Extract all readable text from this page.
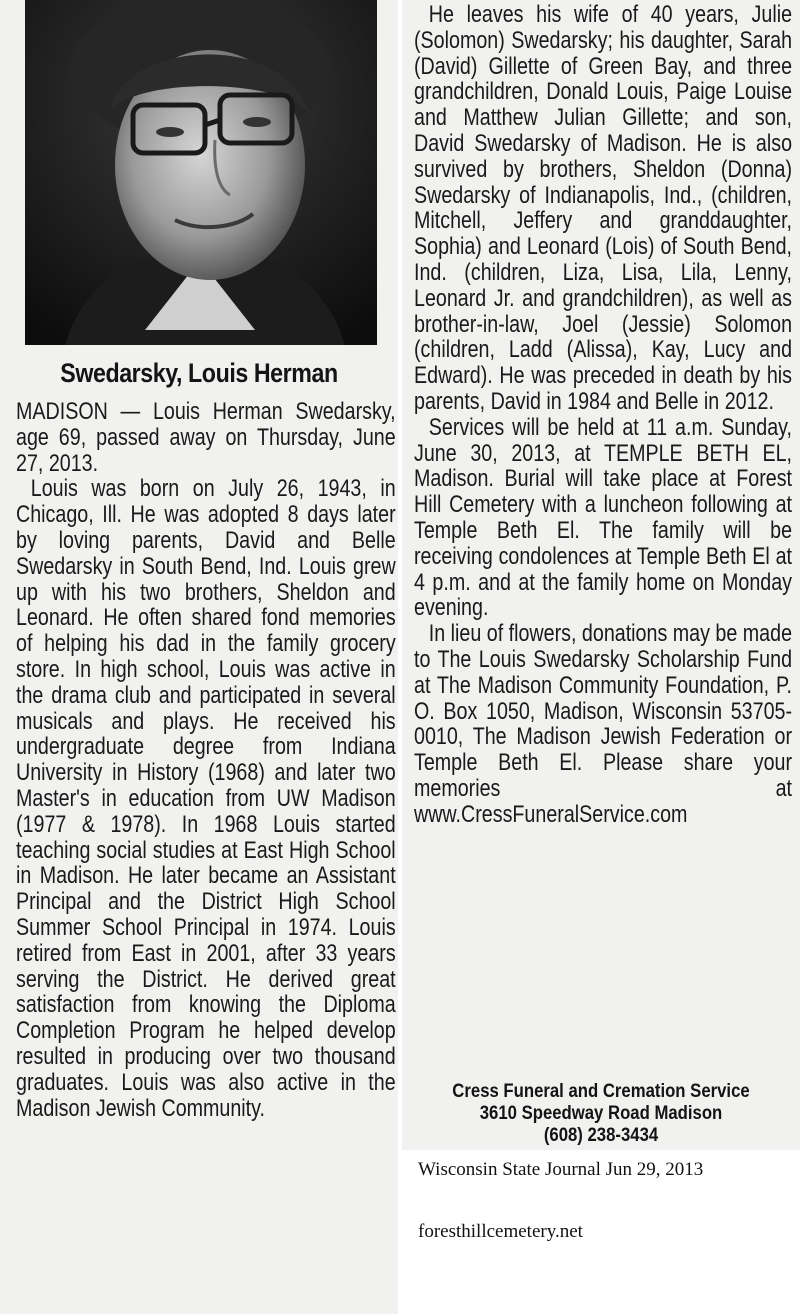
Swedarsky, Louis Herman

MADISON — Louis Herman Swedarsky, age 69, passed away on Thursday, June 27, 2013.

Louis was born on July 26, 1943, in Chicago, Ill. He was adopted 8 days later by loving parents, David and Belle Swedarsky in South Bend, Ind. Louis grew up with his two brothers, Sheldon and Leonard. He often shared fond memories of helping his dad in the family grocery store. In high school, Louis was active in the drama club and participated in several musicals and plays. He received his undergraduate degree from Indiana University in History (1968) and later two Master's in education from UW Madison (1977 & 1978). In 1968 Louis started teaching social studies at East High School in Madison. He later became an Assistant Principal and the District High School Summer School Principal in 1974. Louis retired from East in 2001, after 33 years serving the District. He derived great satisfaction from knowing the Diploma Completion Program he helped develop resulted in producing over two thousand graduates. Louis was also active in the Madison Jewish Community.

He leaves his wife of 40 years, Julie (Solomon) Swedarsky; his daughter, Sarah (David) Gillette of Green Bay, and three grandchildren, Donald Louis, Paige Louise and Matthew Julian Gillette; and son, David Swedarsky of Madison. He is also survived by brothers, Sheldon (Donna) Swedarsky of Indianapolis, Ind., (children, Mitchell, Jeffery and granddaughter, Sophia) and Leonard (Lois) of South Bend, Ind. (children, Liza, Lisa, Lila, Lenny, Leonard Jr. and grandchildren), as well as brother-in-law, Joel (Jessie) Solomon (children, Ladd (Alissa), Kay, Lucy and Edward). He was preceded in death by his parents, David in 1984 and Belle in 2012.

Services will be held at 11 a.m. Sunday, June 30, 2013, at TEMPLE BETH EL, Madison. Burial will take place at Forest Hill Cemetery with a luncheon following at Temple Beth El. The family will be receiving condolences at Temple Beth El at 4 p.m. and at the family home on Monday evening.

In lieu of flowers, donations may be made to The Louis Swedarsky Scholarship Fund at The Madison Community Foundation, P. O. Box 1050, Madison, Wisconsin 53705-0010, The Madison Jewish Federation or Temple Beth El. Please share your memories at www.CressFuneralService.com

Cress Funeral and Cremation Service
3610 Speedway Road Madison
(608) 238-3434
Wisconsin State Journal Jun 29, 2013
foresthillcemetery.net
